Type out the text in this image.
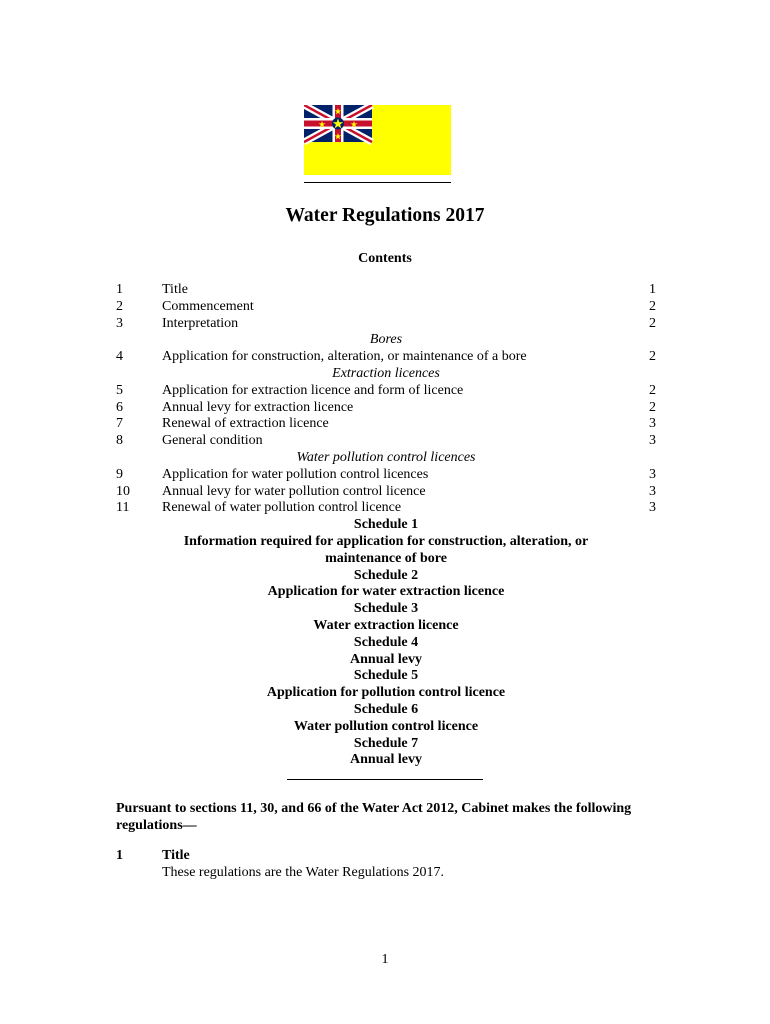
Water Regulations 2017
Contents
1	Title	1
2	Commencement	2
3	Interpretation	2
Bores
4	Application for construction, alteration, or maintenance of a bore	2
Extraction licences
5	Application for extraction licence and form of licence	2
6	Annual levy for extraction licence	2
7	Renewal of extraction licence	3
8	General condition	3
Water pollution control licences
9	Application for water pollution control licences	3
10	Annual levy for water pollution control licence	3
11	Renewal of water pollution control licence	3
Schedule 1
Information required for application for construction, alteration, or
maintenance of bore
Schedule 2
Application for water extraction licence
Schedule 3
Water extraction licence
Schedule 4
Annual levy
Schedule 5
Application for pollution control licence
Schedule 6
Water pollution control licence
Schedule 7
Annual levy
Pursuant to sections 11, 30, and 66 of the Water Act 2012, Cabinet makes the following regulations—
1	Title
These regulations are the Water Regulations 2017.
1
